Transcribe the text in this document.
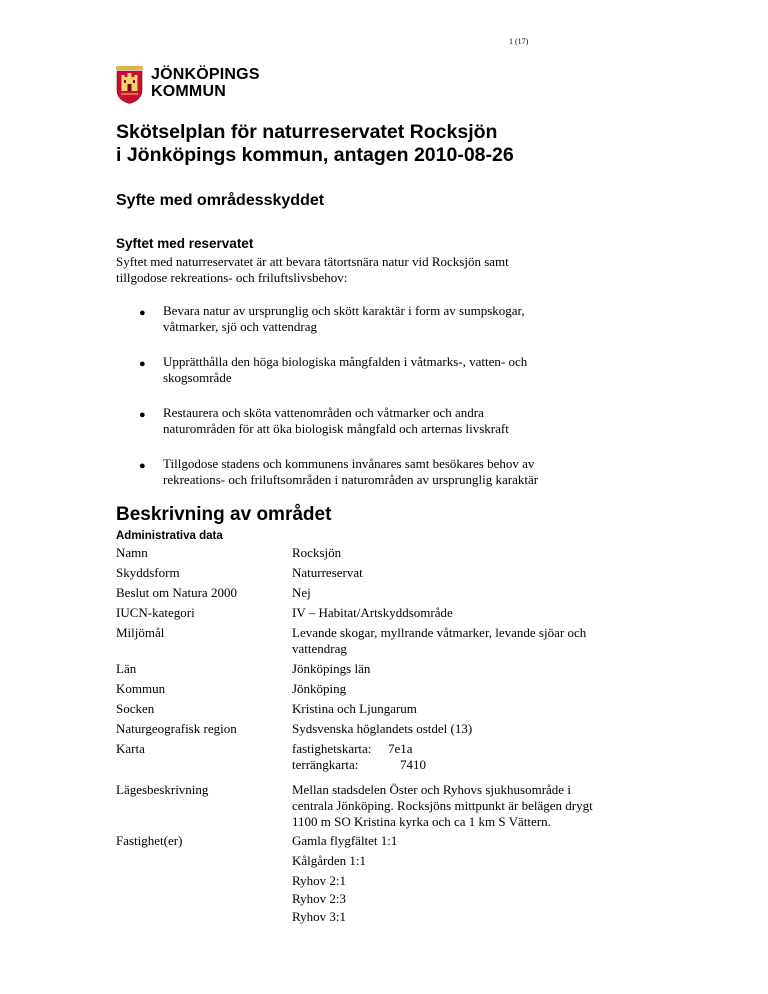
1 (17)
JÖNKÖPINGS
KOMMUN
Skötselplan för naturreservatet Rocksjön
i Jönköpings kommun, antagen 2010-08-26
Syfte med områdesskyddet
Syftet med reservatet
Syftet med naturreservatet är att bevara tätortsnära natur vid Rocksjön samt
tillgodose rekreations- och friluftslivsbehov:
● Bevara natur av ursprunglig och skött karaktär i form av sumpskogar,
våtmarker, sjö och vattendrag
● Upprätthålla den höga biologiska mångfalden i våtmarks-, vatten- och
skogsområde
● Restaurera och sköta vattenområden och våtmarker och andra
naturområden för att öka biologisk mångfald och arternas livskraft
● Tillgodose stadens och kommunens invånares samt besökares behov av
rekreations- och friluftsområden i naturområden av ursprunglig karaktär
Beskrivning av området
Administrativa data
Namn	Rocksjön
Skyddsform	Naturreservat
Beslut om Natura 2000	Nej
IUCN-kategori	IV – Habitat/Artskyddsområde
Miljömål	Levande skogar, myllrande våtmarker, levande sjöar och
vattendrag
Län	Jönköpings län
Kommun	Jönköping
Socken	Kristina och Ljungarum
Naturgeografisk region	Sydsvenska höglandets ostdel (13)
Karta	fastighetskarta:	7e1a
terrängkarta:	7410
Lägesbeskrivning	Mellan stadsdelen Öster och Ryhovs sjukhusområde i
centrala Jönköping. Rocksjöns mittpunkt är belägen drygt
1100 m SO Kristina kyrka och ca 1 km S Vättern.
Fastighet(er)	Gamla flygfältet 1:1
Kålgården 1:1
Ryhov 2:1
Ryhov 2:3
Ryhov 3:1
